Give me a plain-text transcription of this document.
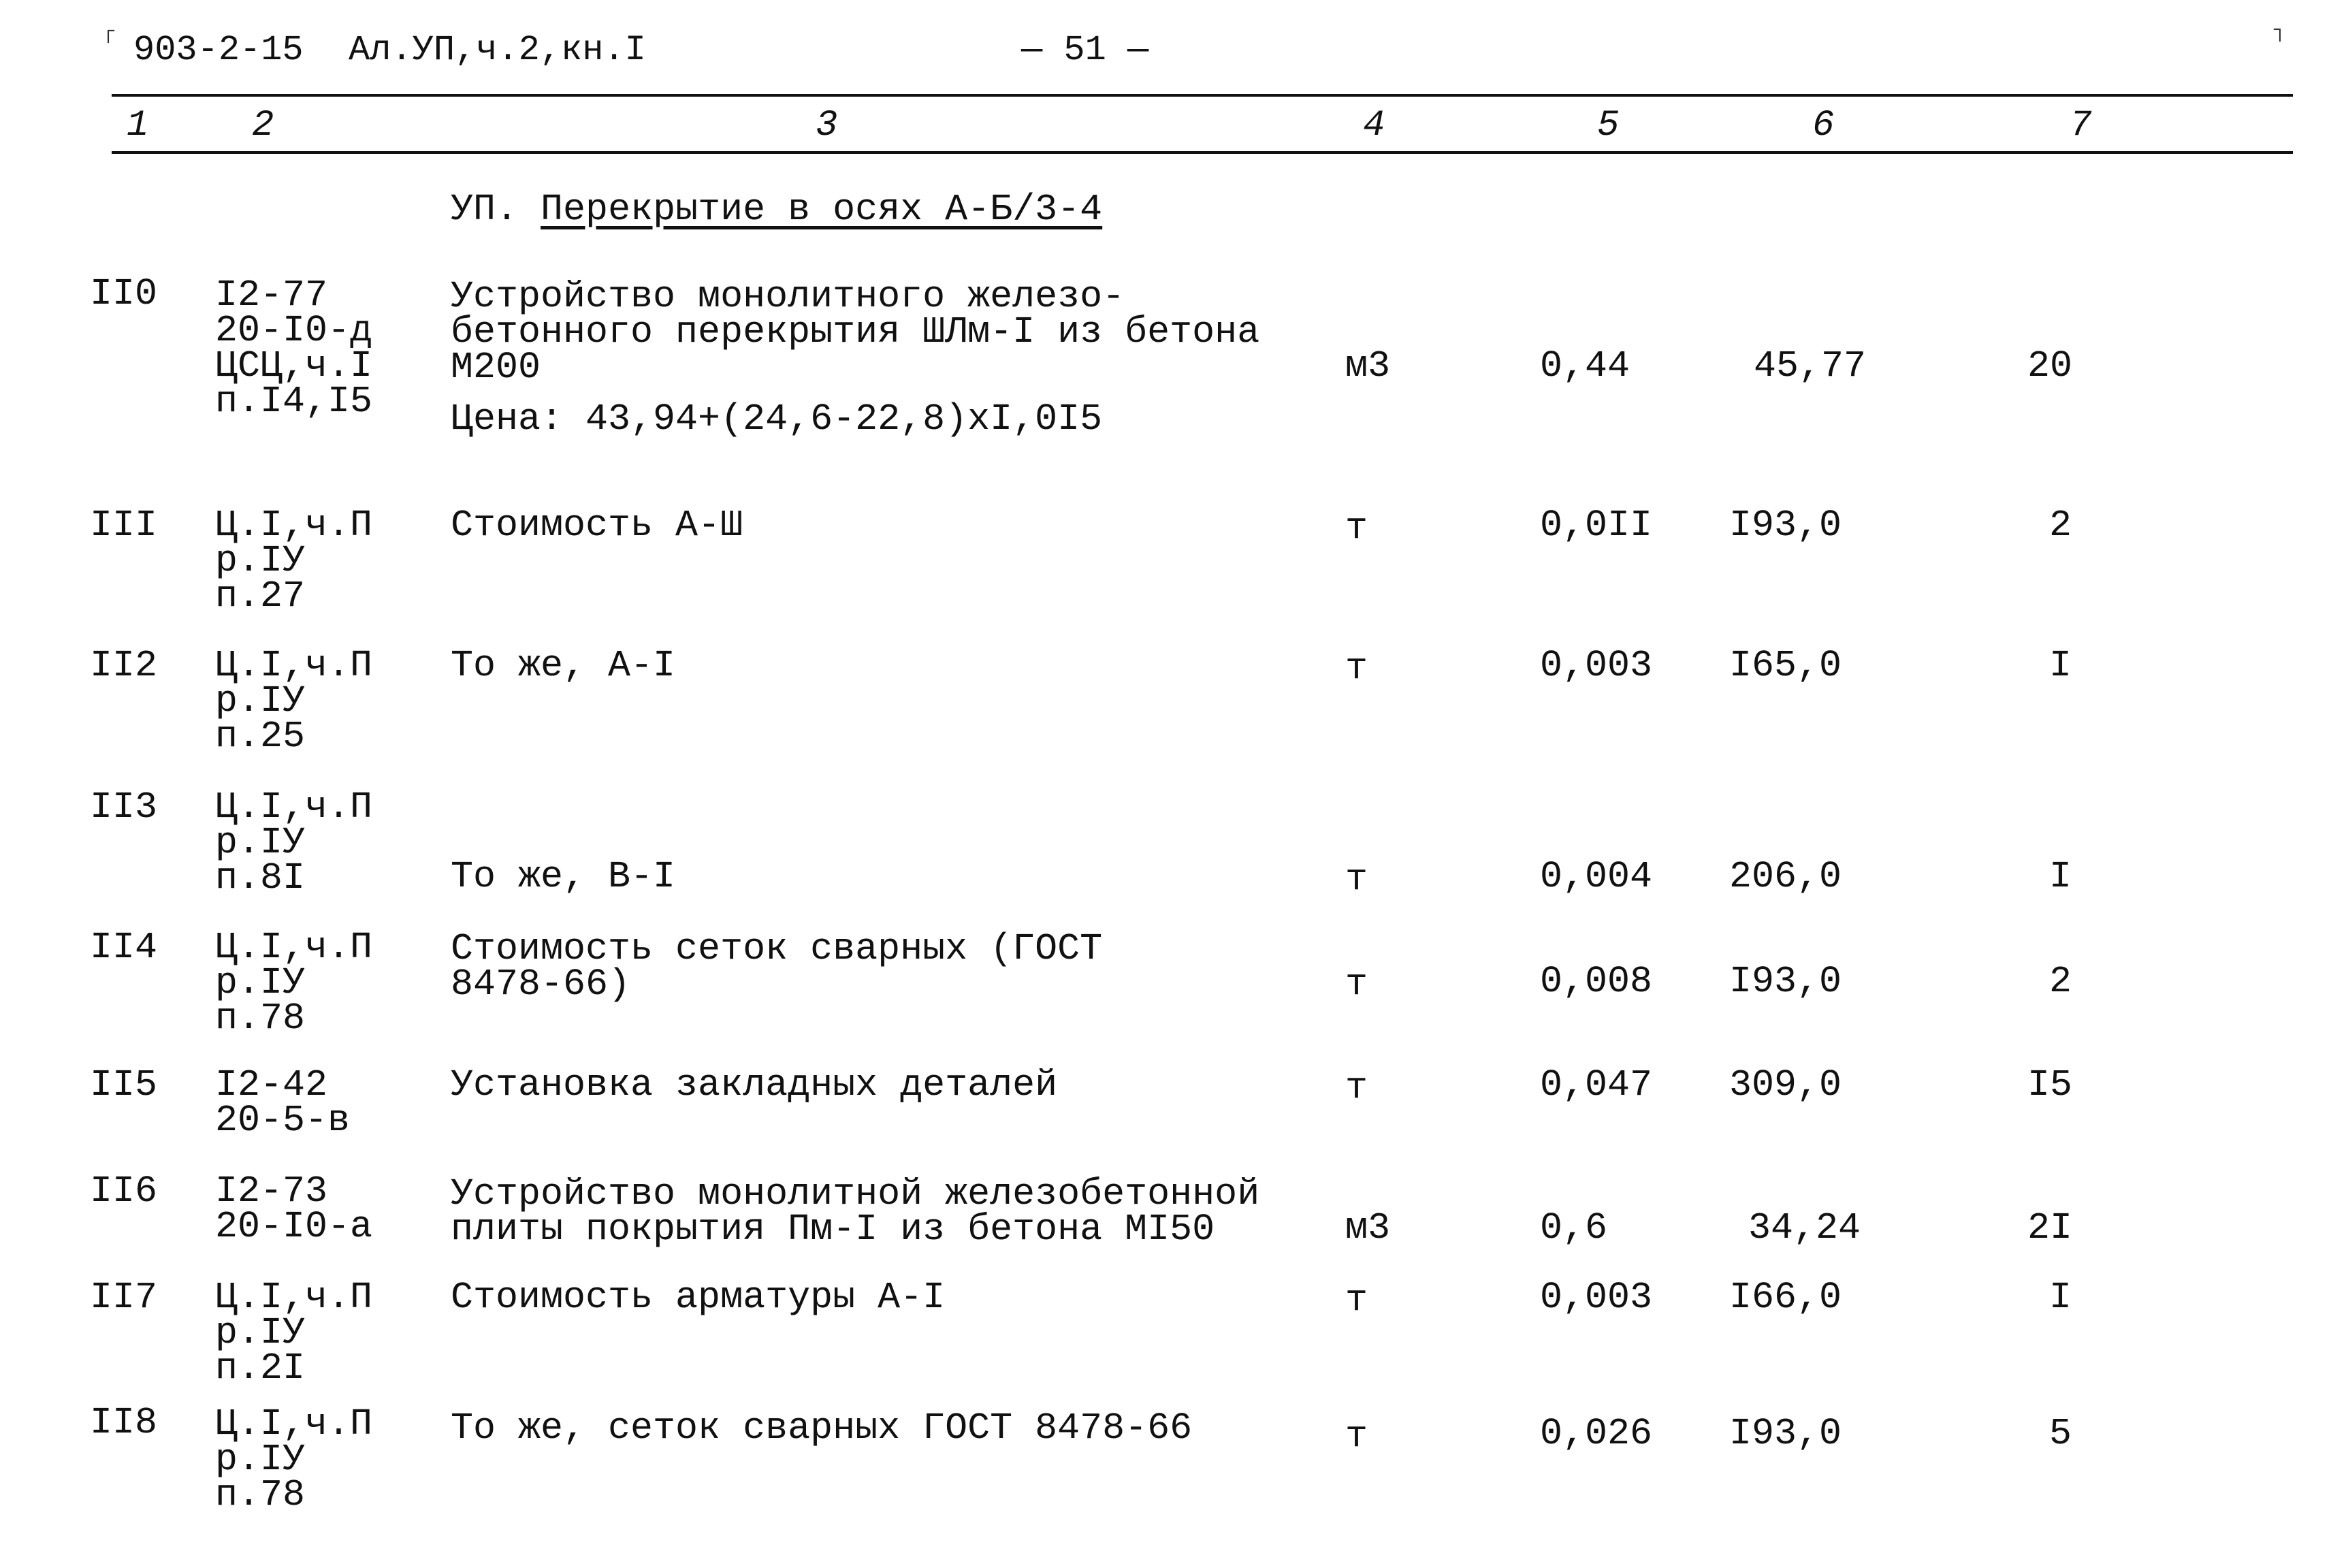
┌	┐
903-2-15 Ал.УП,ч.2,кн.I	— 51 —
1	2	3	4	5	6	7
УП. Перекрытие в осях А-Б/3-4
II0 I2-77
20-I0-д
ЦСЦ,ч.I
п.I4,I5
Устройство монолитного железо-
бетонного перекрытия ШЛм-I из бетона
М200
Цена: 43,94+(24,6-22,8)хI,0I5
м3	0,44	45,77	20
III Ц.I,ч.П
р.IУ
п.27
Стоимость А-Ш	т	0,0II I93,0	2
II2 Ц.I,ч.П
р.IУ
п.25
То же, А-I	т	0,003 I65,0	I
II3 Ц.I,ч.П
р.IУ
п.8I	То же, В-I	т	0,004 206,0	I
II4 Ц.I,ч.П
р.IУ
п.78
Стоимость сеток сварных (ГОСТ
8478-66)	т	0,008 I93,0	2
II5 I2-42
20-5-в
Установка закладных деталей	т	0,047 309,0	I5
II6 I2-73
20-I0-а
Устройство монолитной железобетонной
плиты покрытия Пм-I из бетона МI50	м3	0,6	34,24	2I
II7 Ц.I,ч.П
р.IУ
п.2I
Стоимость арматуры А-I	т	0,003 I66,0	I
II8 Ц.I,ч.П
р.IУ
п.78
То же, сеток сварных ГОСТ 8478-66	т	0,026 I93,0	5
